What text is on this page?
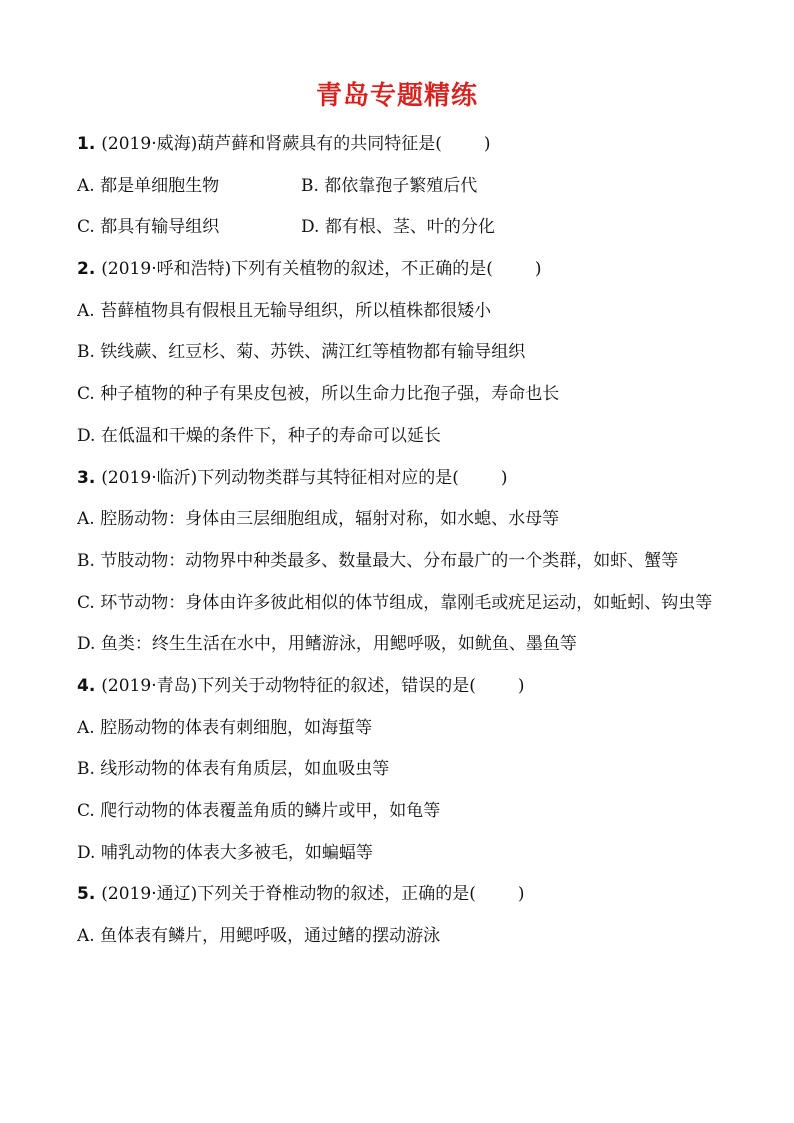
青岛专题精练
1. (2019·威海)葫芦藓和肾蕨具有的共同特征是( )
A. 都是单细胞生物	B. 都依靠孢子繁殖后代
C. 都具有输导组织	D. 都有根、茎、叶的分化
2. (2019·呼和浩特)下列有关植物的叙述，不正确的是( )
A. 苔藓植物具有假根且无输导组织，所以植株都很矮小
B. 铁线蕨、红豆杉、菊、苏铁、满江红等植物都有输导组织
C. 种子植物的种子有果皮包被，所以生命力比孢子强，寿命也长
D. 在低温和干燥的条件下，种子的寿命可以延长
3. (2019·临沂)下列动物类群与其特征相对应的是( )
A. 腔肠动物：身体由三层细胞组成，辐射对称，如水螅、水母等
B. 节肢动物：动物界中种类最多、数量最大、分布最广的一个类群，如虾、蟹等
C. 环节动物：身体由许多彼此相似的体节组成，靠刚毛或疣足运动，如蚯蚓、钩虫等
D. 鱼类：终生生活在水中，用鳍游泳，用鳃呼吸，如鱿鱼、墨鱼等
4. (2019·青岛)下列关于动物特征的叙述，错误的是( )
A. 腔肠动物的体表有刺细胞，如海蜇等
B. 线形动物的体表有角质层，如血吸虫等
C. 爬行动物的体表覆盖角质的鳞片或甲，如龟等
D. 哺乳动物的体表大多被毛，如蝙蝠等
5. (2019·通辽)下列关于脊椎动物的叙述，正确的是( )
A. 鱼体表有鳞片，用鳃呼吸，通过鳍的摆动游泳
